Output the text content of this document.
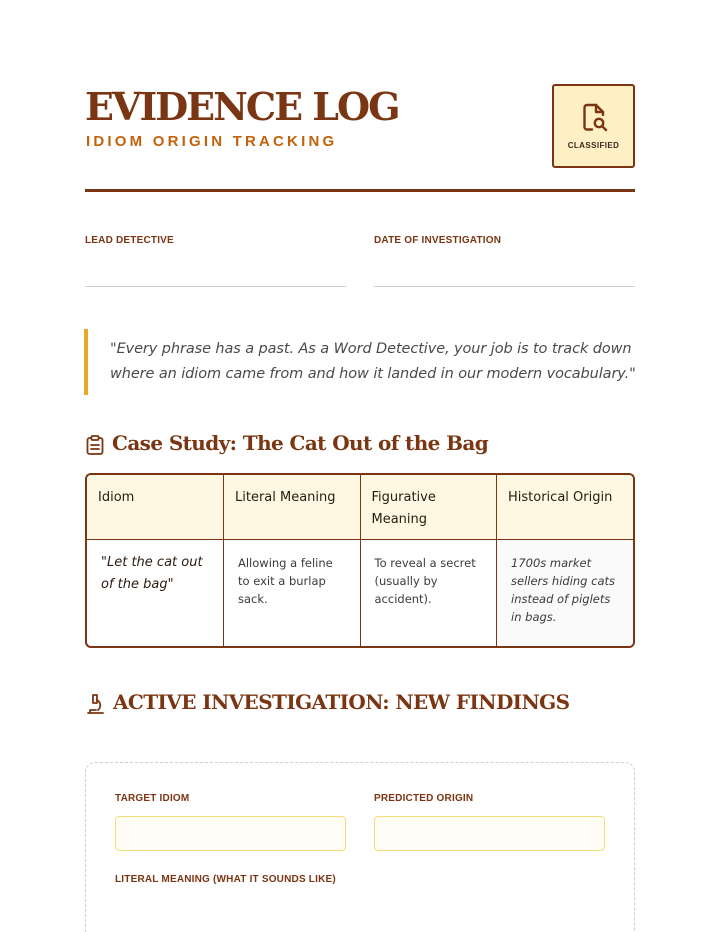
EVIDENCE LOG
IDIOM ORIGIN TRACKING	CLASSIFIED
LEAD DETECTIVE	DATE OF INVESTIGATION
"Every phrase has a past. As a Word Detective, your job is to track down where an idiom came from and how it landed in our modern vocabulary."
Case Study: The Cat Out of the Bag
Idiom	Literal Meaning	Figurative Meaning	Historical Origin
"Let the cat out of the bag"	Allowing a feline to exit a burlap sack.	To reveal a secret (usually by accident).	1700s market sellers hiding cats instead of piglets in bags.
ACTIVE INVESTIGATION: NEW FINDINGS
TARGET IDIOM	PREDICTED ORIGIN
LITERAL MEANING (WHAT IT SOUNDS LIKE)
